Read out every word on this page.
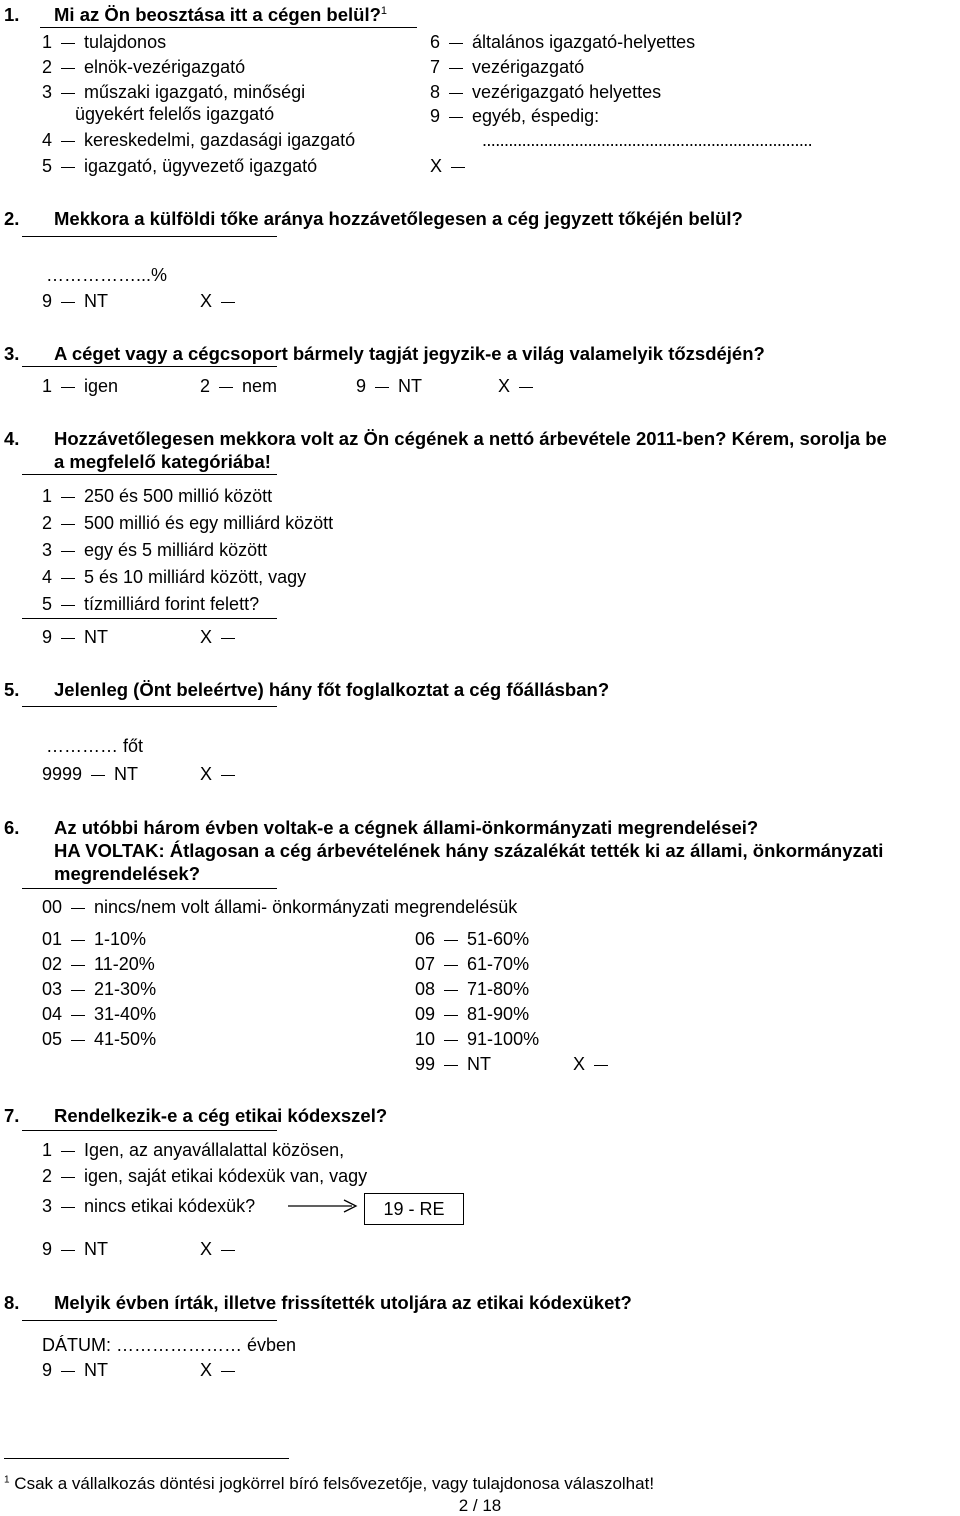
1. Mi az Ön beosztása itt a cégen belül?$^1$
1 tulajdonos
2 elnök-vezérigazgató
3 műszaki igazgató, minőségi
ügyekért felelős igazgató
4 kereskedelmi, gazdasági igazgató
5 igazgató, ügyvezető igazgató
6 általános igazgató-helyettes
7 vezérigazgató
8 vezérigazgató helyettes
9 egyéb, éspedig:
...........................................................................
X
2. Mekkora a külföldi tőke aránya hozzávetőlegesen a cég jegyzett tőkéjén belül?
……………...%
9 NT	X
3. A céget vagy a cégcsoport bármely tagját jegyzik-e a világ valamelyik tőzsdéjén?
1 igen	2 nem	9 NT	X
4. Hozzávetőlegesen mekkora volt az Ön cégének a nettó árbevétele 2011-ben? Kérem, sorolja be
a megfelelő kategóriába!
1 250 és 500 millió között
2 500 millió és egy milliárd között
3 egy és 5 milliárd között
4 5 és 10 milliárd között, vagy
5 tízmilliárd forint felett?
9 NT	X
5. Jelenleg (Önt beleértve) hány főt foglalkoztat a cég főállásban?
………… főt
9999 NT	X
6. Az utóbbi három évben voltak-e a cégnek állami-önkormányzati megrendelései?
HA VOLTAK: Átlagosan a cég árbevételének hány százalékát tették ki az állami, önkormányzati
megrendelések?
00 nincs/nem volt állami- önkormányzati megrendelésük
01 1-10%
02 11-20%
03 21-30%
04 31-40%
05 41-50%
06 51-60%
07 61-70%
08 71-80%
09 81-90%
10 91-100%
99 NT	X
7. Rendelkezik-e a cég etikai kódexszel?
1 Igen, az anyavállalattal közösen,
2 igen, saját etikai kódexük van, vagy
3 nincs etikai kódexük?	19 - RE
9 NT	X
8. Melyik évben írták, illetve frissítették utoljára az etikai kódexüket?
DÁTUM: ………………… évben
9 NT	X
$^1$ Csak a vállalkozás döntési jogkörrel bíró felsővezetője, vagy tulajdonosa válaszolhat!
2 / 18
